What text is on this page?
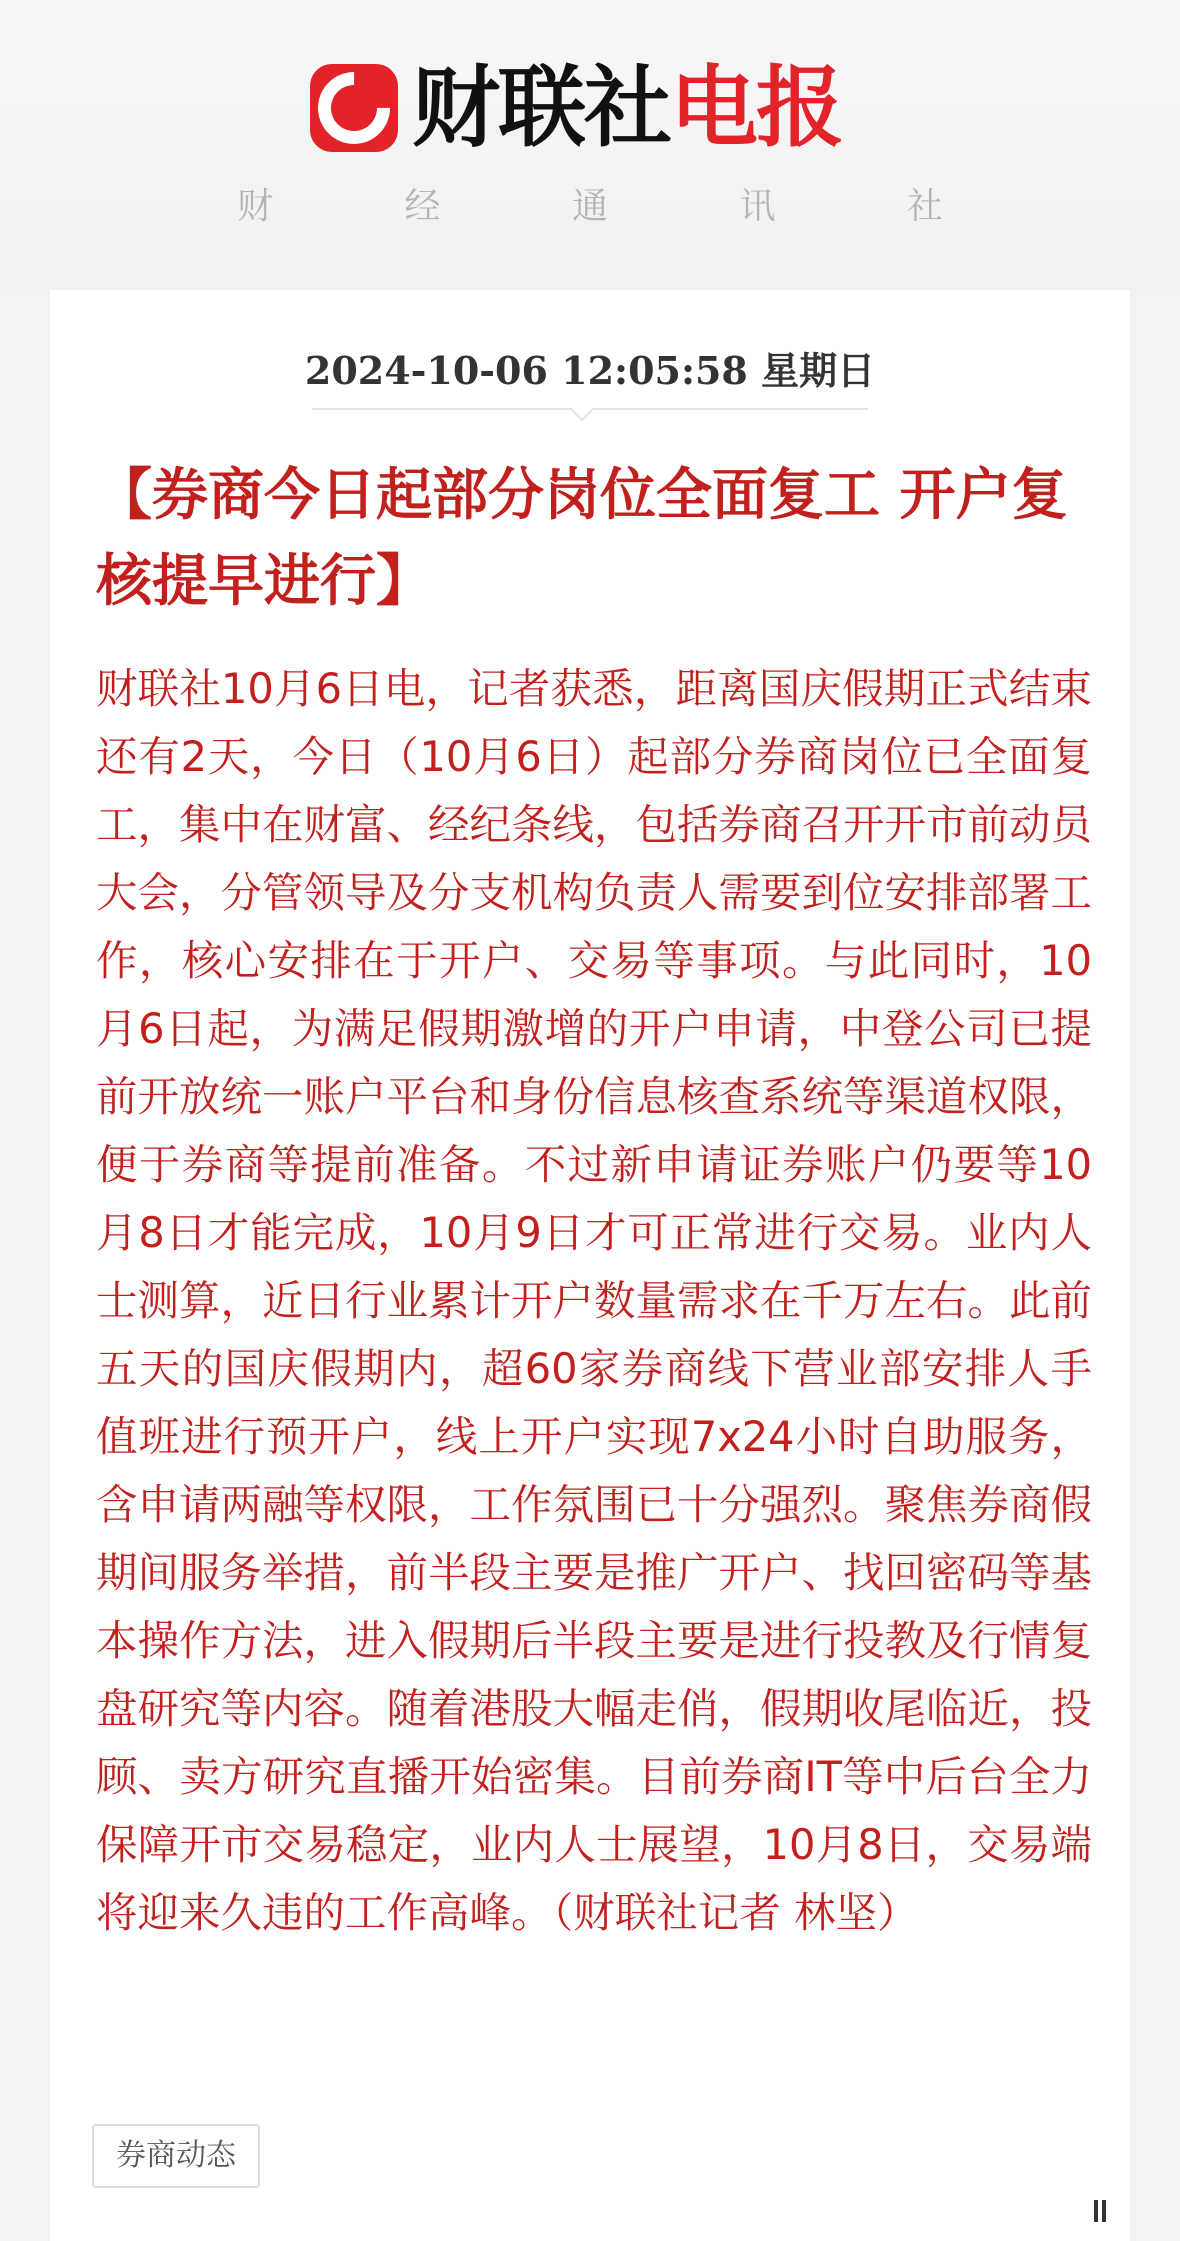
财联社 电报
财 经 通 讯 社
2024-10-06 12:05:58 星期日
【券商今日起部分岗位全面复工 开户复核提早进行】

财联社10月6日电，记者获悉，距离国庆假期正式结束还有2天，今日（10月6日）起部分券商岗位已全面复工，集中在财富、经纪条线，包括券商召开开市前动员大会，分管领导及分支机构负责人需要到位安排部署工作，核心安排在于开户、交易等事项。与此同时，10月6日起，为满足假期激增的开户申请，中登公司已提前开放统一账户平台和身份信息核查系统等渠道权限，便于券商等提前准备。不过新申请证券账户仍要等10月8日才能完成，10月9日才可正常进行交易。业内人士测算，近日行业累计开户数量需求在千万左右。此前五天的国庆假期内，超60家券商线下营业部安排人手值班进行预开户，线上开户实现7x24小时自助服务，含申请两融等权限，工作氛围已十分强烈。聚焦券商假期间服务举措，前半段主要是推广开户、找回密码等基本操作方法，进入假期后半段主要是进行投教及行情复盘研究等内容。随着港股大幅走俏，假期收尾临近，投顾、卖方研究直播开始密集。目前券商IT等中后台全力保障开市交易稳定，业内人士展望，10月8日，交易端将迎来久违的工作高峰。（财联社记者 林坚）

券商动态
